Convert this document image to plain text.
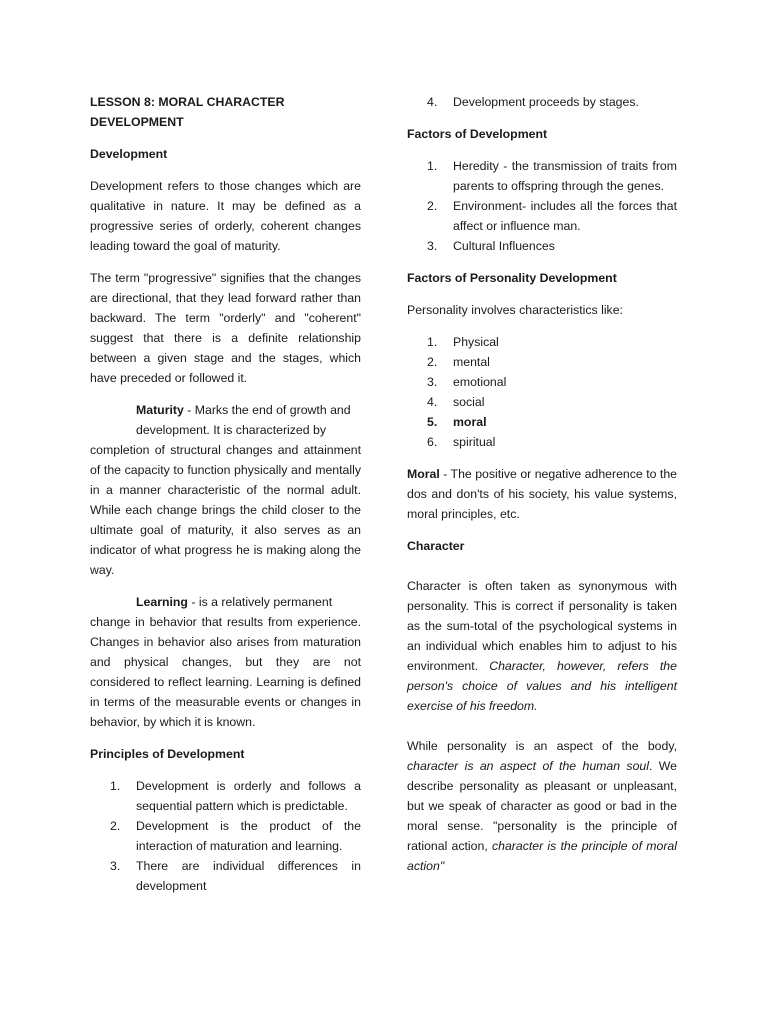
LESSON 8: MORAL CHARACTER DEVELOPMENT
Development

Development refers to those changes which are qualitative in nature. It may be defined as a progressive series of orderly, coherent changes leading toward the goal of maturity.

The term "progressive" signifies that the changes are directional, that they lead forward rather than backward. The term "orderly" and "coherent" suggest that there is a definite relationship between a given stage and the stages, which have preceded or followed it.

Maturity - Marks the end of growth and
development. It is characterized by
completion of structural changes and attainment of the capacity to function physically and mentally in a manner characteristic of the normal adult. While each change brings the child closer to the ultimate goal of maturity, it also serves as an indicator of what progress he is making along the way.
Learning - is a relatively permanent
change in behavior that results from experience. Changes in behavior also arises from maturation and physical changes, but they are not considered to reflect learning. Learning is defined in terms of the measurable events or changes in behavior, by which it is known.
Principles of Development
1. Development is orderly and follows a sequential pattern which is predictable.
2. Development is the product of the interaction of maturation and learning.
3. There are individual differences in development
4. Development proceeds by stages.
Factors of Development
1. Heredity - the transmission of traits from parents to offspring through the genes.
2. Environment- includes all the forces that affect or influence man.
3. Cultural Influences
Factors of Personality Development

Personality involves characteristics like:

1. Physical
2. mental
3. emotional
4. social
5. moral
6. spiritual

Moral - The positive or negative adherence to the dos and don'ts of his society, his value systems, moral principles, etc.

Character

Character is often taken as synonymous with personality. This is correct if personality is taken as the sum-total of the psychological systems in an individual which enables him to adjust to his environment. Character, however, refers the person's choice of values and his intelligent exercise of his freedom.

While personality is an aspect of the body, character is an aspect of the human soul. We describe personality as pleasant or unpleasant, but we speak of character as good or bad in the moral sense. "personality is the principle of rational action, character is the principle of moral action"
